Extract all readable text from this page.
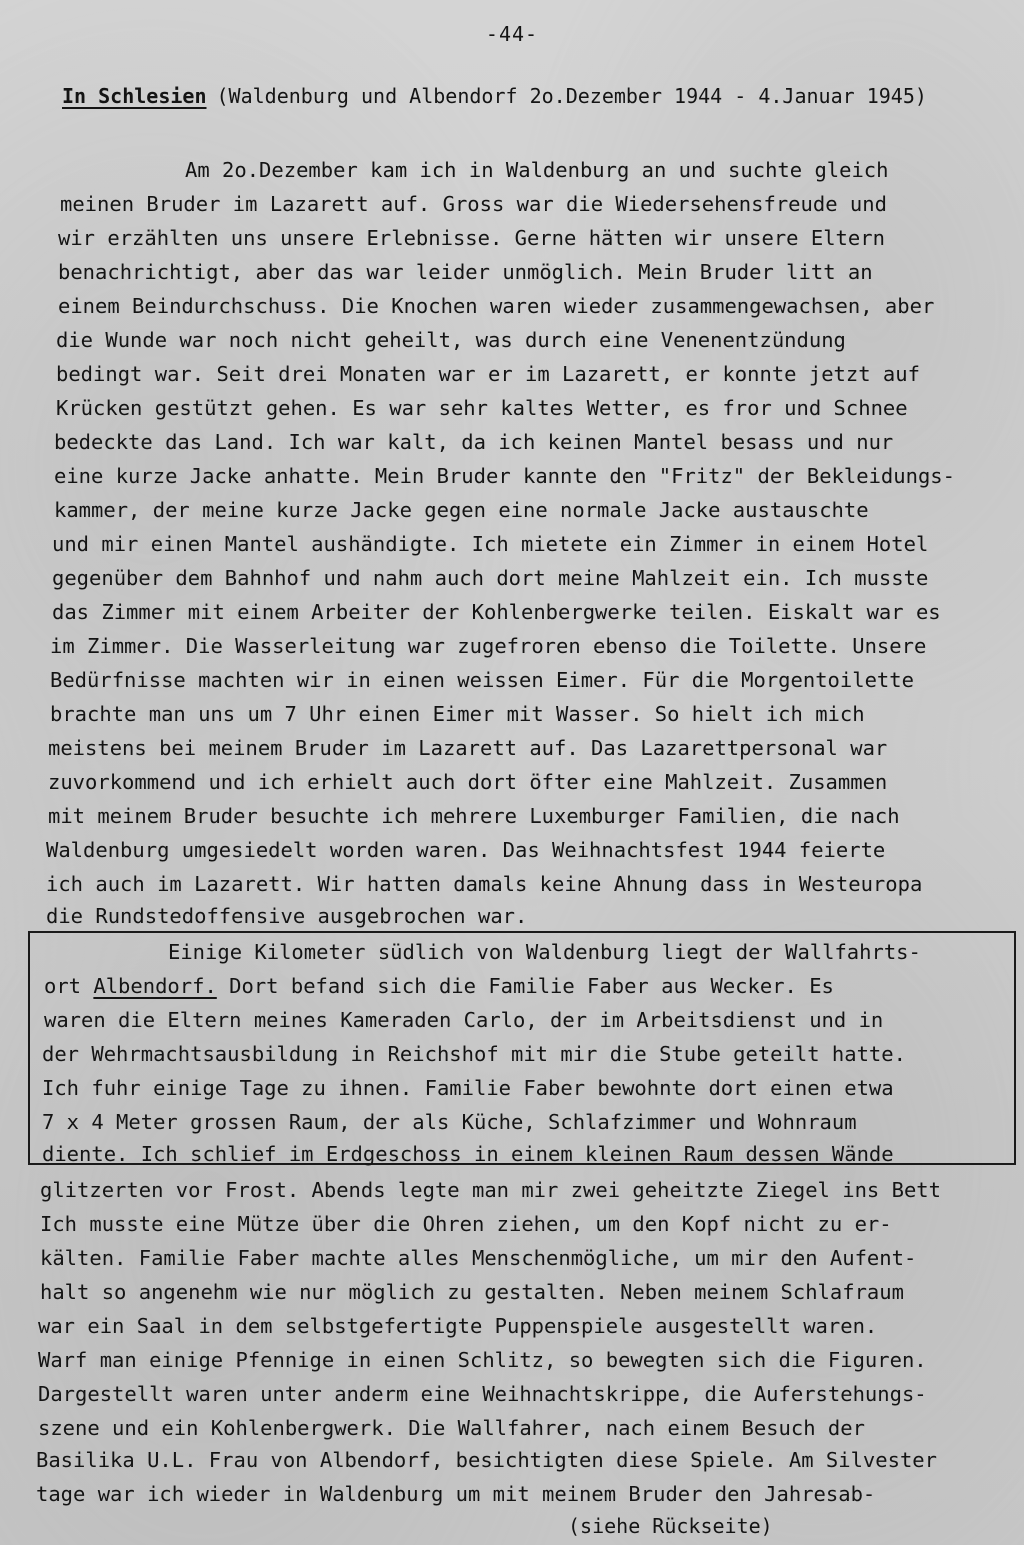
-44-
In Schlesien (Waldenburg und Albendorf 2o.Dezember 1944 - 4.Januar 1945)
Am 2o.Dezember kam ich in Waldenburg an und suchte gleich
meinen Bruder im Lazarett auf. Gross war die Wiedersehensfreude und
wir erzählten uns unsere Erlebnisse. Gerne hätten wir unsere Eltern
benachrichtigt, aber das war leider unmöglich. Mein Bruder litt an
einem Beindurchschuss. Die Knochen waren wieder zusammengewachsen, aber
die Wunde war noch nicht geheilt, was durch eine Venenentzündung
bedingt war. Seit drei Monaten war er im Lazarett, er konnte jetzt auf
Krücken gestützt gehen. Es war sehr kaltes Wetter, es fror und Schnee
bedeckte das Land. Ich war kalt, da ich keinen Mantel besass und nur
eine kurze Jacke anhatte. Mein Bruder kannte den "Fritz" der Bekleidungs-
kammer, der meine kurze Jacke gegen eine normale Jacke austauschte
und mir einen Mantel aushändigte. Ich mietete ein Zimmer in einem Hotel
gegenüber dem Bahnhof und nahm auch dort meine Mahlzeit ein. Ich musste
das Zimmer mit einem Arbeiter der Kohlenbergwerke teilen. Eiskalt war es
im Zimmer. Die Wasserleitung war zugefroren ebenso die Toilette. Unsere
Bedürfnisse machten wir in einen weissen Eimer. Für die Morgentoilette
brachte man uns um 7 Uhr einen Eimer mit Wasser. So hielt ich mich
meistens bei meinem Bruder im Lazarett auf. Das Lazarettpersonal war
zuvorkommend und ich erhielt auch dort öfter eine Mahlzeit. Zusammen
mit meinem Bruder besuchte ich mehrere Luxemburger Familien, die nach
Waldenburg umgesiedelt worden waren. Das Weihnachtsfest 1944 feierte
ich auch im Lazarett. Wir hatten damals keine Ahnung dass in Westeuropa
die Rundstedoffensive ausgebrochen war.
Einige Kilometer südlich von Waldenburg liegt der Wallfahrts-
ort Albendorf. Dort befand sich die Familie Faber aus Wecker. Es
waren die Eltern meines Kameraden Carlo, der im Arbeitsdienst und in
der Wehrmachtsausbildung in Reichshof mit mir die Stube geteilt hatte.
Ich fuhr einige Tage zu ihnen. Familie Faber bewohnte dort einen etwa
7 x 4 Meter grossen Raum, der als Küche, Schlafzimmer und Wohnraum
diente. Ich schlief im Erdgeschoss in einem kleinen Raum dessen Wände
glitzerten vor Frost. Abends legte man mir zwei geheitzte Ziegel ins Bett
Ich musste eine Mütze über die Ohren ziehen, um den Kopf nicht zu er-
kälten. Familie Faber machte alles Menschenmögliche, um mir den Aufent-
halt so angenehm wie nur möglich zu gestalten. Neben meinem Schlafraum
war ein Saal in dem selbstgefertigte Puppenspiele ausgestellt waren.
Warf man einige Pfennige in einen Schlitz, so bewegten sich die Figuren.
Dargestellt waren unter anderm eine Weihnachtskrippe, die Auferstehungs-
szene und ein Kohlenbergwerk. Die Wallfahrer, nach einem Besuch der
Basilika U.L. Frau von Albendorf, besichtigten diese Spiele. Am Silvester
tage war ich wieder in Waldenburg um mit meinem Bruder den Jahresab-
(siehe Rückseite)
